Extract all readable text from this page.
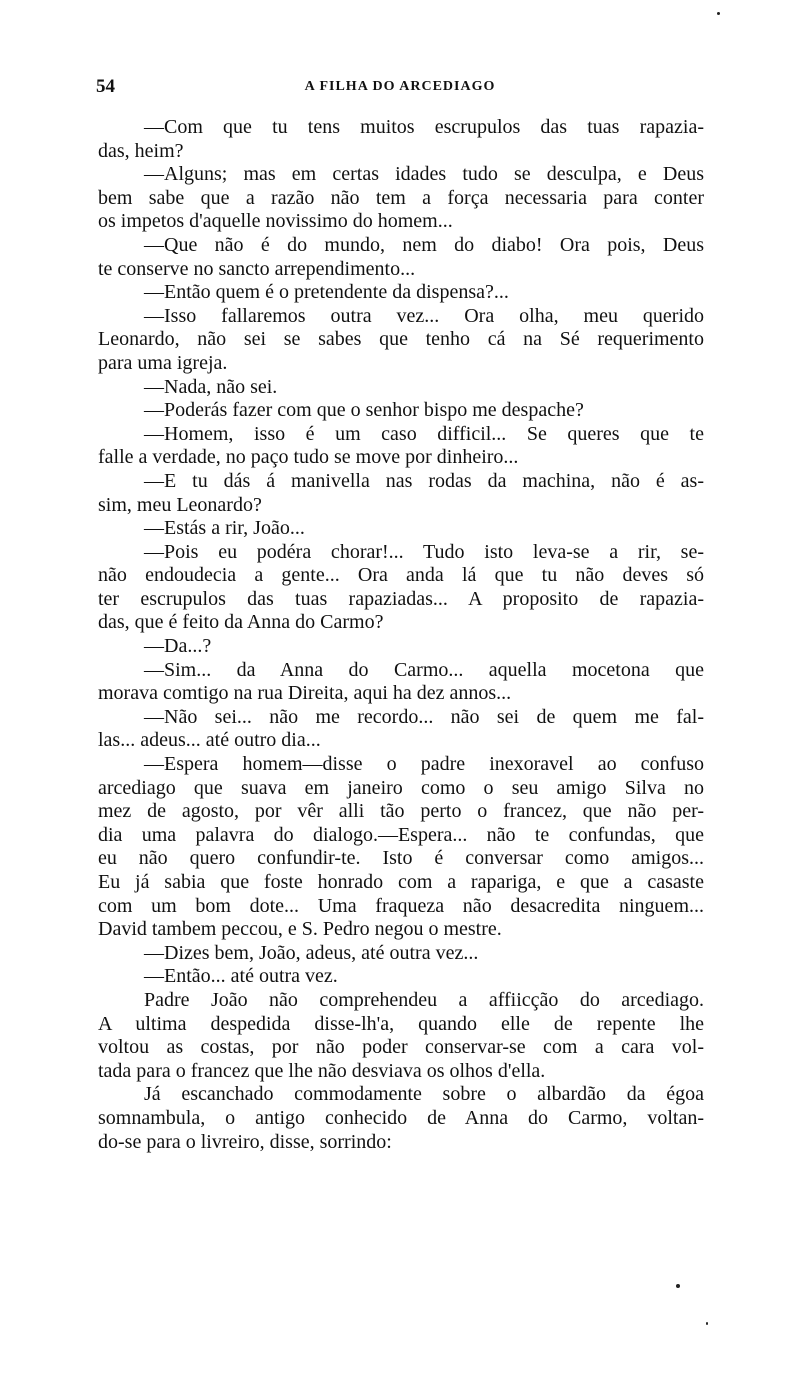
54	A FILHA DO ARCEDIAGO
—Com que tu tens muitos escrupulos das tuas rapazia-
das, heim?
—Alguns; mas em certas idades tudo se desculpa, e Deus
bem sabe que a razão não tem a força necessaria para conter
os impetos d'aquelle novissimo do homem...
—Que não é do mundo, nem do diabo! Ora pois, Deus
te conserve no sancto arrependimento...
—Então quem é o pretendente da dispensa?...
—Isso fallaremos outra vez... Ora olha, meu querido
Leonardo, não sei se sabes que tenho cá na Sé requerimento
para uma igreja.
—Nada, não sei.
—Poderás fazer com que o senhor bispo me despache?
—Homem, isso é um caso difficil... Se queres que te
falle a verdade, no paço tudo se move por dinheiro...
—E tu dás á manivella nas rodas da machina, não é as-
sim, meu Leonardo?
—Estás a rir, João...
—Pois eu podéra chorar!... Tudo isto leva-se a rir, se-
não endoudecia a gente... Ora anda lá que tu não deves só
ter escrupulos das tuas rapaziadas... A proposito de rapazia-
das, que é feito da Anna do Carmo?
—Da...?
—Sim... da Anna do Carmo... aquella mocetona que
morava comtigo na rua Direita, aqui ha dez annos...
—Não sei... não me recordo... não sei de quem me fal-
las... adeus... até outro dia...
—Espera homem—disse o padre inexoravel ao confuso
arcediago que suava em janeiro como o seu amigo Silva no
mez de agosto, por vêr alli tão perto o francez, que não per-
dia uma palavra do dialogo.—Espera... não te confundas, que
eu não quero confundir-te. Isto é conversar como amigos...
Eu já sabia que foste honrado com a rapariga, e que a casaste
com um bom dote... Uma fraqueza não desacredita ninguem...
David tambem peccou, e S. Pedro negou o mestre.
—Dizes bem, João, adeus, até outra vez...
—Então... até outra vez.
Padre João não comprehendeu a affiicção do arcediago.
A ultima despedida disse-lh'a, quando elle de repente lhe
voltou as costas, por não poder conservar-se com a cara vol-
tada para o francez que lhe não desviava os olhos d'ella.
Já escanchado commodamente sobre o albardão da égoa
somnambula, o antigo conhecido de Anna do Carmo, voltan-
do-se para o livreiro, disse, sorrindo:
